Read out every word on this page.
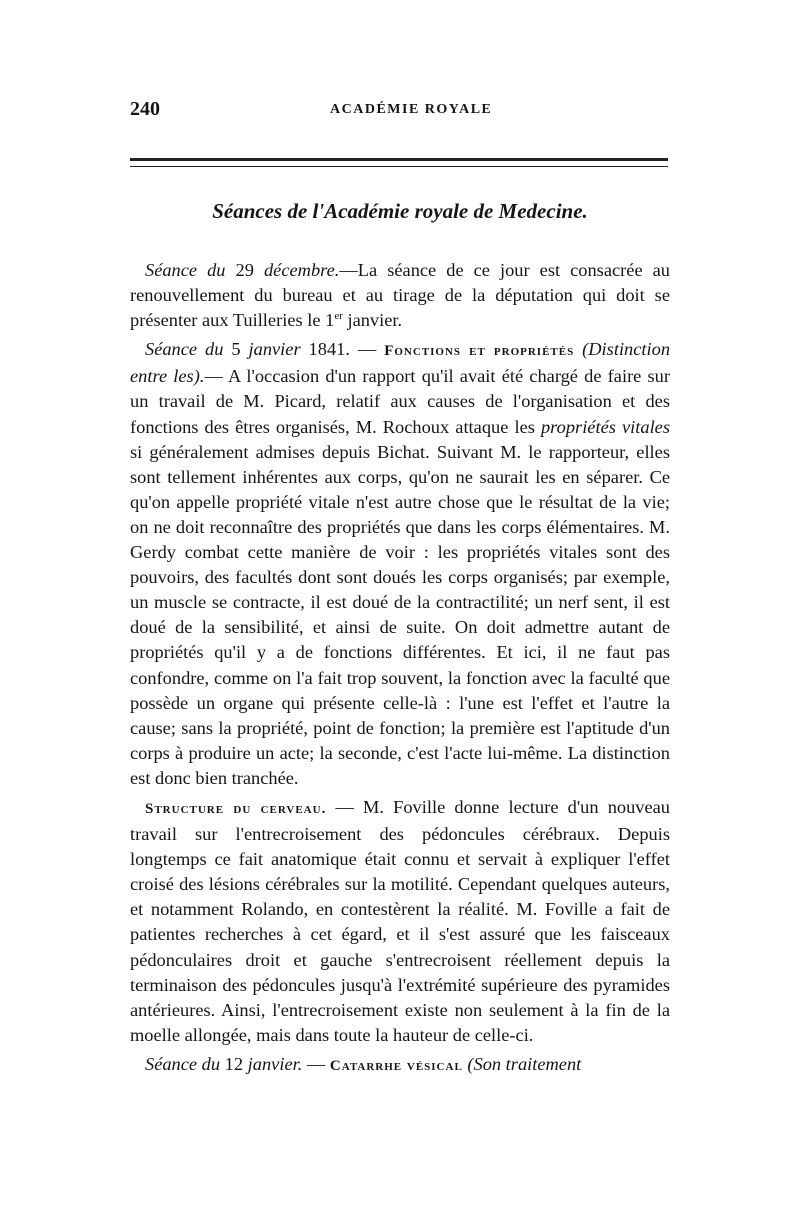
240	ACADÉMIE ROYALE
Séances de l'Académie royale de Medecine.

Séance du 29 décembre.—La séance de ce jour est consacrée au renouvellement du bureau et au tirage de la députation qui doit se présenter aux Tuilleries le 1er janvier.

Séance du 5 janvier 1841. — Fonctions et propriétés (Distinction entre les).— A l'occasion d'un rapport qu'il avait été chargé de faire sur un travail de M. Picard, relatif aux causes de l'organisation et des fonctions des êtres organisés, M. Rochoux attaque les propriétés vitales si généralement admises depuis Bichat. Suivant M. le rapporteur, elles sont tellement inhérentes aux corps, qu'on ne saurait les en séparer. Ce qu'on appelle propriété vitale n'est autre chose que le résultat de la vie; on ne doit reconnaître des propriétés que dans les corps élémentaires. M. Gerdy combat cette manière de voir : les propriétés vitales sont des pouvoirs, des facultés dont sont doués les corps organisés; par exemple, un muscle se contracte, il est doué de la contractilité; un nerf sent, il est doué de la sensibilité, et ainsi de suite. On doit admettre autant de propriétés qu'il y a de fonctions différentes. Et ici, il ne faut pas confondre, comme on l'a fait trop souvent, la fonction avec la faculté que possède un organe qui présente celle-là : l'une est l'effet et l'autre la cause; sans la propriété, point de fonction; la première est l'aptitude d'un corps à produire un acte; la seconde, c'est l'acte lui-même. La distinction est donc bien tranchée.

Structure du cerveau. — M. Foville donne lecture d'un nouveau travail sur l'entrecroisement des pédoncules cérébraux. Depuis longtemps ce fait anatomique était connu et servait à expliquer l'effet croisé des lésions cérébrales sur la motilité. Cependant quelques auteurs, et notamment Rolando, en contestèrent la réalité. M. Foville a fait de patientes recherches à cet égard, et il s'est assuré que les faisceaux pédonculaires droit et gauche s'entrecroisent réellement depuis la terminaison des pédoncules jusqu'à l'extrémité supérieure des pyramides antérieures. Ainsi, l'entrecroisement existe non seulement à la fin de la moelle allongée, mais dans toute la hauteur de celle-ci.

Séance du 12 janvier. — Catarrhe vésical (Son traitement
